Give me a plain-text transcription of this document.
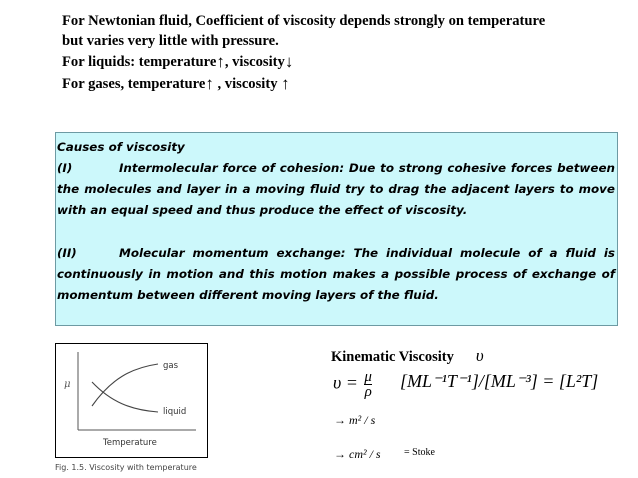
For Newtonian fluid, Coefficient of viscosity depends strongly on temperature
but varies very little with pressure.
For liquids: temperature↑, viscosity↓
For gases, temperature↑ , viscosity ↑
Causes of viscosity
(I)	Intermolecular force of cohesion: Due to strong cohesive forces between the molecules and layer in a moving fluid try to drag the adjacent layers to move with an equal speed and thus produce the effect of viscosity.
(II)	Molecular momentum exchange: The individual molecule of a fluid is continuously in motion and this motion makes a possible process of exchange of momentum between different moving layers of the fluid.
μ
gas
liquid
Temperature
Fig. 1.5. Viscosity with temperature
Kinematic Viscosity υ
$\upsilon = \frac{\mu}{\rho} [ML^{-1}T^{-1}]/[ML^{-3}] = [L^2T]$
→ m² / s
→ cm² / s = Stoke
